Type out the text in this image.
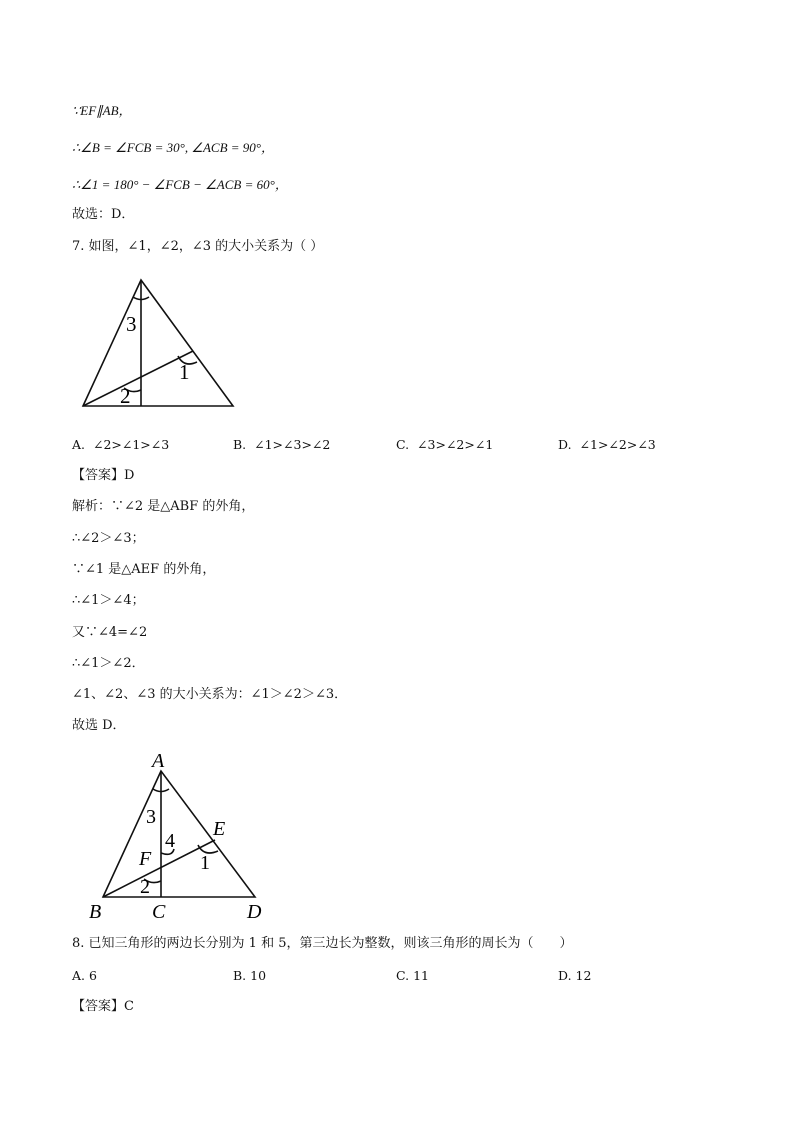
∵EF∥AB，
∴∠B = ∠FCB = 30°, ∠ACB = 90°，
∴∠1 = 180° − ∠FCB − ∠ACB = 60°，
故选：D．
7. 如图，∠1，∠2，∠3 的大小关系为（ ）
3
1
2
A. ∠2>∠1>∠3	B. ∠1>∠3>∠2	C. ∠3>∠2>∠1	D. ∠1>∠2>∠3
【答案】D
解析：∵∠2 是△ABF 的外角，
∴∠2＞∠3；
∵∠1 是△AEF 的外角，
∴∠1＞∠4；
又∵∠4=∠2
∴∠1＞∠2．
∠1、∠2、∠3 的大小关系为：∠1＞∠2＞∠3．
故选 D．
A
3
4
E
F 1
2
B	C	D
8. 已知三角形的两边长分别为 1 和 5，第三边长为整数，则该三角形的周长为（　　）
A. 6	B. 10	C. 11	D. 12
【答案】C
